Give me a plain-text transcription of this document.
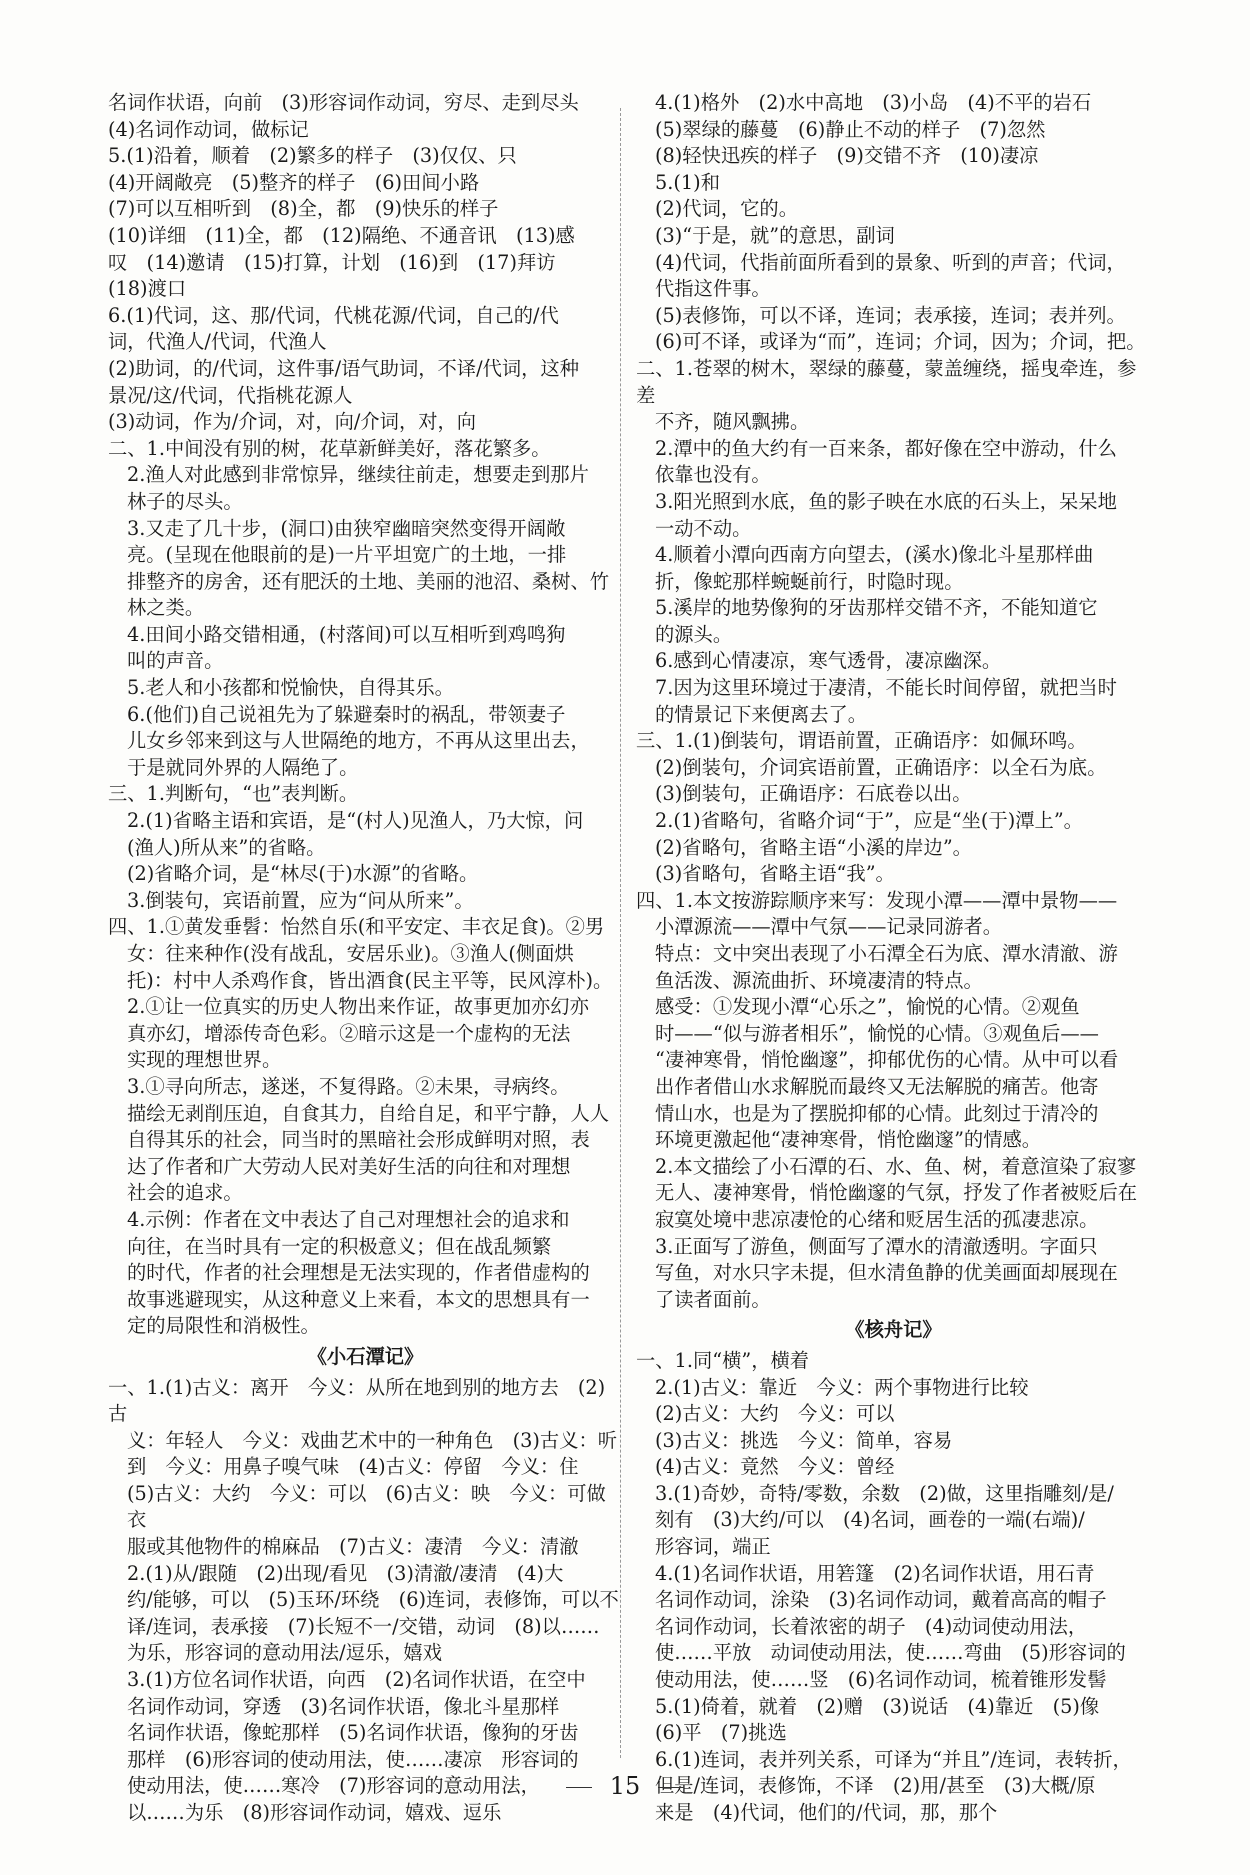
名词作状语，向前　(3)形容词作动词，穷尽、走到尽头
(4)名词作动词，做标记
5.(1)沿着，顺着　(2)繁多的样子　(3)仅仅、只
(4)开阔敞亮　(5)整齐的样子　(6)田间小路
(7)可以互相听到　(8)全，都　(9)快乐的样子
(10)详细　(11)全，都　(12)隔绝、不通音讯　(13)感
叹　(14)邀请　(15)打算，计划　(16)到　(17)拜访
(18)渡口
6.(1)代词，这、那/代词，代桃花源/代词，自己的/代
词，代渔人/代词，代渔人
(2)助词，的/代词，这件事/语气助词，不译/代词，这种
景况/这/代词，代指桃花源人
(3)动词，作为/介词，对，向/介词，对，向
二、1.中间没有别的树，花草新鲜美好，落花繁多。
2.渔人对此感到非常惊异，继续往前走，想要走到那片
林子的尽头。
3.又走了几十步，(洞口)由狭窄幽暗突然变得开阔敞
亮。(呈现在他眼前的是)一片平坦宽广的土地，一排
排整齐的房舍，还有肥沃的土地、美丽的池沼、桑树、竹
林之类。
4.田间小路交错相通，(村落间)可以互相听到鸡鸣狗
叫的声音。
5.老人和小孩都和悦愉快，自得其乐。
6.(他们)自己说祖先为了躲避秦时的祸乱，带领妻子
儿女乡邻来到这与人世隔绝的地方，不再从这里出去，
于是就同外界的人隔绝了。
三、1.判断句，“也”表判断。
2.(1)省略主语和宾语，是“(村人)见渔人，乃大惊，问
(渔人)所从来”的省略。
(2)省略介词，是“林尽(于)水源”的省略。
3.倒装句，宾语前置，应为“问从所来”。
四、1.①黄发垂髫：怡然自乐(和平安定、丰衣足食)。②男
女：往来种作(没有战乱，安居乐业)。③渔人(侧面烘
托)：村中人杀鸡作食，皆出酒食(民主平等，民风淳朴)。
2.①让一位真实的历史人物出来作证，故事更加亦幻亦
真亦幻，增添传奇色彩。②暗示这是一个虚构的无法
实现的理想世界。
3.①寻向所志，遂迷，不复得路。②未果，寻病终。
描绘无剥削压迫，自食其力，自给自足，和平宁静，人人
自得其乐的社会，同当时的黑暗社会形成鲜明对照，表
达了作者和广大劳动人民对美好生活的向往和对理想
社会的追求。
4.示例：作者在文中表达了自己对理想社会的追求和
向往，在当时具有一定的积极意义；但在战乱频繁
的时代，作者的社会理想是无法实现的，作者借虚构的
故事逃避现实，从这种意义上来看，本文的思想具有一
定的局限性和消极性。
《小石潭记》
一、1.(1)古义：离开　今义：从所在地到别的地方去　(2)古
义：年轻人　今义：戏曲艺术中的一种角色　(3)古义：听
到　今义：用鼻子嗅气味　(4)古义：停留　今义：住
(5)古义：大约　今义：可以　(6)古义：映　今义：可做衣
服或其他物件的棉麻品　(7)古义：凄清　今义：清澈
2.(1)从/跟随　(2)出现/看见　(3)清澈/凄清　(4)大
约/能够，可以　(5)玉环/环绕　(6)连词，表修饰，可以不
译/连词，表承接　(7)长短不一/交错，动词　(8)以……
为乐，形容词的意动用法/逗乐，嬉戏
3.(1)方位名词作状语，向西　(2)名词作状语，在空中
名词作动词，穿透　(3)名词作状语，像北斗星那样
名词作状语，像蛇那样　(5)名词作状语，像狗的牙齿
那样　(6)形容词的使动用法，使……凄凉　形容词的
使动用法，使……寒冷　(7)形容词的意动用法，
以……为乐　(8)形容词作动词，嬉戏、逗乐
4.(1)格外　(2)水中高地　(3)小岛　(4)不平的岩石
(5)翠绿的藤蔓　(6)静止不动的样子　(7)忽然
(8)轻快迅疾的样子　(9)交错不齐　(10)凄凉
5.(1)和
(2)代词，它的。
(3)“于是，就”的意思，副词
(4)代词，代指前面所看到的景象、听到的声音；代词，
代指这件事。
(5)表修饰，可以不译，连词；表承接，连词；表并列。
(6)可不译，或译为“而”，连词；介词，因为；介词，把。
二、1.苍翠的树木，翠绿的藤蔓，蒙盖缠绕，摇曳牵连，参差
不齐，随风飘拂。
2.潭中的鱼大约有一百来条，都好像在空中游动，什么
依靠也没有。
3.阳光照到水底，鱼的影子映在水底的石头上，呆呆地
一动不动。
4.顺着小潭向西南方向望去，(溪水)像北斗星那样曲
折，像蛇那样蜿蜒前行，时隐时现。
5.溪岸的地势像狗的牙齿那样交错不齐，不能知道它
的源头。
6.感到心情凄凉，寒气透骨，凄凉幽深。
7.因为这里环境过于凄清，不能长时间停留，就把当时
的情景记下来便离去了。
三、1.(1)倒装句，谓语前置，正确语序：如佩环鸣。
(2)倒装句，介词宾语前置，正确语序：以全石为底。
(3)倒装句，正确语序：石底卷以出。
2.(1)省略句，省略介词“于”，应是“坐(于)潭上”。
(2)省略句，省略主语“小溪的岸边”。
(3)省略句，省略主语“我”。
四、1.本文按游踪顺序来写：发现小潭——潭中景物——
小潭源流——潭中气氛——记录同游者。
特点：文中突出表现了小石潭全石为底、潭水清澈、游
鱼活泼、源流曲折、环境凄清的特点。
感受：①发现小潭“心乐之”，愉悦的心情。②观鱼
时——“似与游者相乐”，愉悦的心情。③观鱼后——
“凄神寒骨，悄怆幽邃”，抑郁优伤的心情。从中可以看
出作者借山水求解脱而最终又无法解脱的痛苦。他寄
情山水，也是为了摆脱抑郁的心情。此刻过于清冷的
环境更激起他“凄神寒骨，悄怆幽邃”的情感。
2.本文描绘了小石潭的石、水、鱼、树，着意渲染了寂寥
无人、凄神寒骨，悄怆幽邃的气氛，抒发了作者被贬后在
寂寞处境中悲凉凄怆的心绪和贬居生活的孤凄悲凉。
3.正面写了游鱼，侧面写了潭水的清澈透明。字面只
写鱼，对水只字未提，但水清鱼静的优美画面却展现在
了读者面前。
《核舟记》
一、1.同“横”，横着
2.(1)古义：靠近　今义：两个事物进行比较
(2)古义：大约　今义：可以
(3)古义：挑选　今义：简单，容易
(4)古义：竟然　今义：曾经
3.(1)奇妙，奇特/零数，余数　(2)做，这里指雕刻/是/
刻有　(3)大约/可以　(4)名词，画卷的一端(右端)/
形容词，端正
4.(1)名词作状语，用箬篷　(2)名词作状语，用石青
名词作动词，涂染　(3)名词作动词，戴着高高的帽子
名词作动词，长着浓密的胡子　(4)动词使动用法，
使……平放　动词使动用法，使……弯曲　(5)形容词的
使动用法，使……竖　(6)名词作动词，梳着锥形发髻
5.(1)倚着，就着　(2)赠　(3)说话　(4)靠近　(5)像
(6)平　(7)挑选
6.(1)连词，表并列关系，可译为“并且”/连词，表转折，
但是/连词，表修饰，不译　(2)用/甚至　(3)大概/原
来是　(4)代词，他们的/代词，那，那个
15
